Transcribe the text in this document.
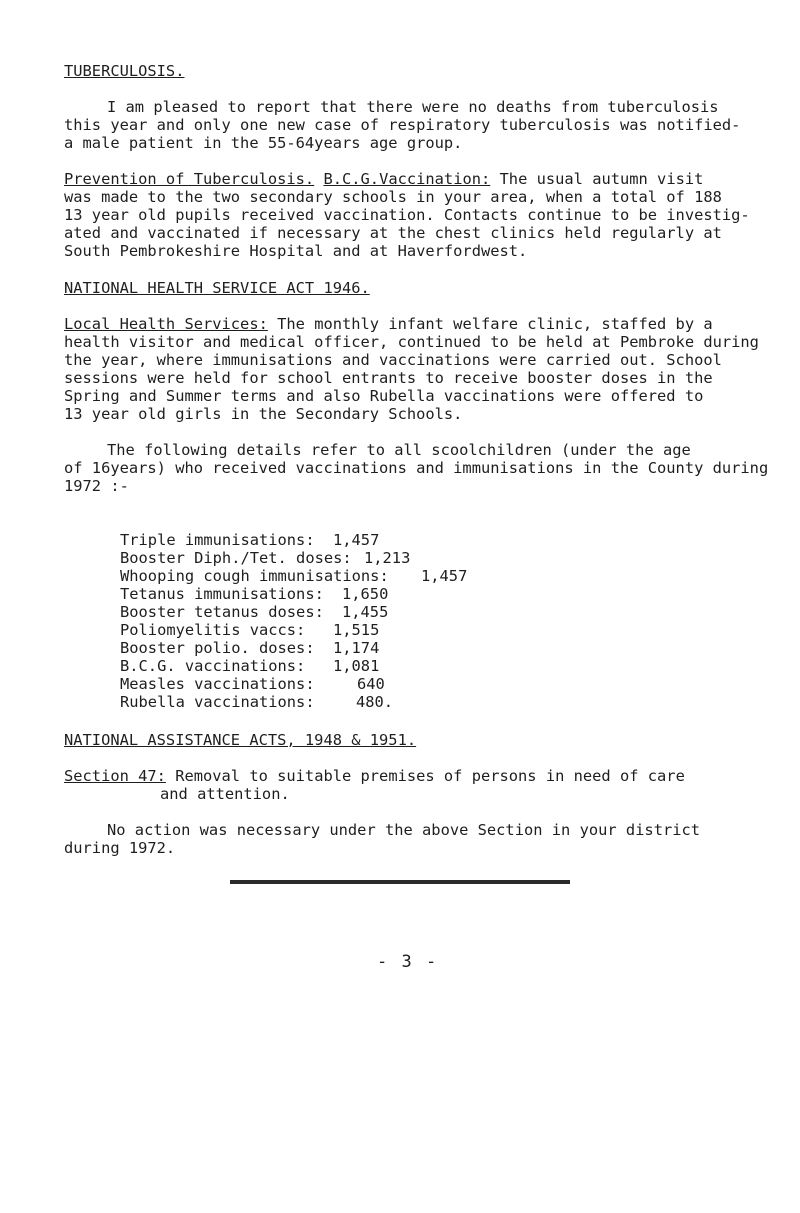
TUBERCULOSIS.
I am pleased to report that there were no deaths from tuberculosis
this year and only one new case of respiratory tuberculosis was notified-
a male patient in the 55-64years age group.
Prevention of Tuberculosis. B.C.G.Vaccination: The usual autumn visit
was made to the two secondary schools in your area, when a total of 188
13 year old pupils received vaccination. Contacts continue to be investig-
ated and vaccinated if necessary at the chest clinics held regularly at
South Pembrokeshire Hospital and at Haverfordwest.
NATIONAL HEALTH SERVICE ACT 1946.
Local Health Services: The monthly infant welfare clinic, staffed by a
health visitor and medical officer, continued to be held at Pembroke during
the year, where immunisations and vaccinations were carried out. School
sessions were held for school entrants to receive booster doses in the
Spring and Summer terms and also Rubella vaccinations were offered to
13 year old girls in the Secondary Schools.
The following details refer to all scoolchildren (under the age
of 16years) who received vaccinations and immunisations in the County during
1972 :-
Triple immunisations: 1,457
Booster Diph./Tet. doses: 1,213
Whooping cough immunisations: 1,457
Tetanus immunisations: 1,650
Booster tetanus doses: 1,455
Poliomyelitis vaccs: 1,515
Booster polio. doses: 1,174
B.C.G. vaccinations: 1,081
Measles vaccinations:	640
Rubella vaccinations:	480.
NATIONAL ASSISTANCE ACTS, 1948 & 1951.
Section 47: Removal to suitable premises of persons in need of care
and attention.
No action was necessary under the above Section in your district
during 1972.
- 3 -
